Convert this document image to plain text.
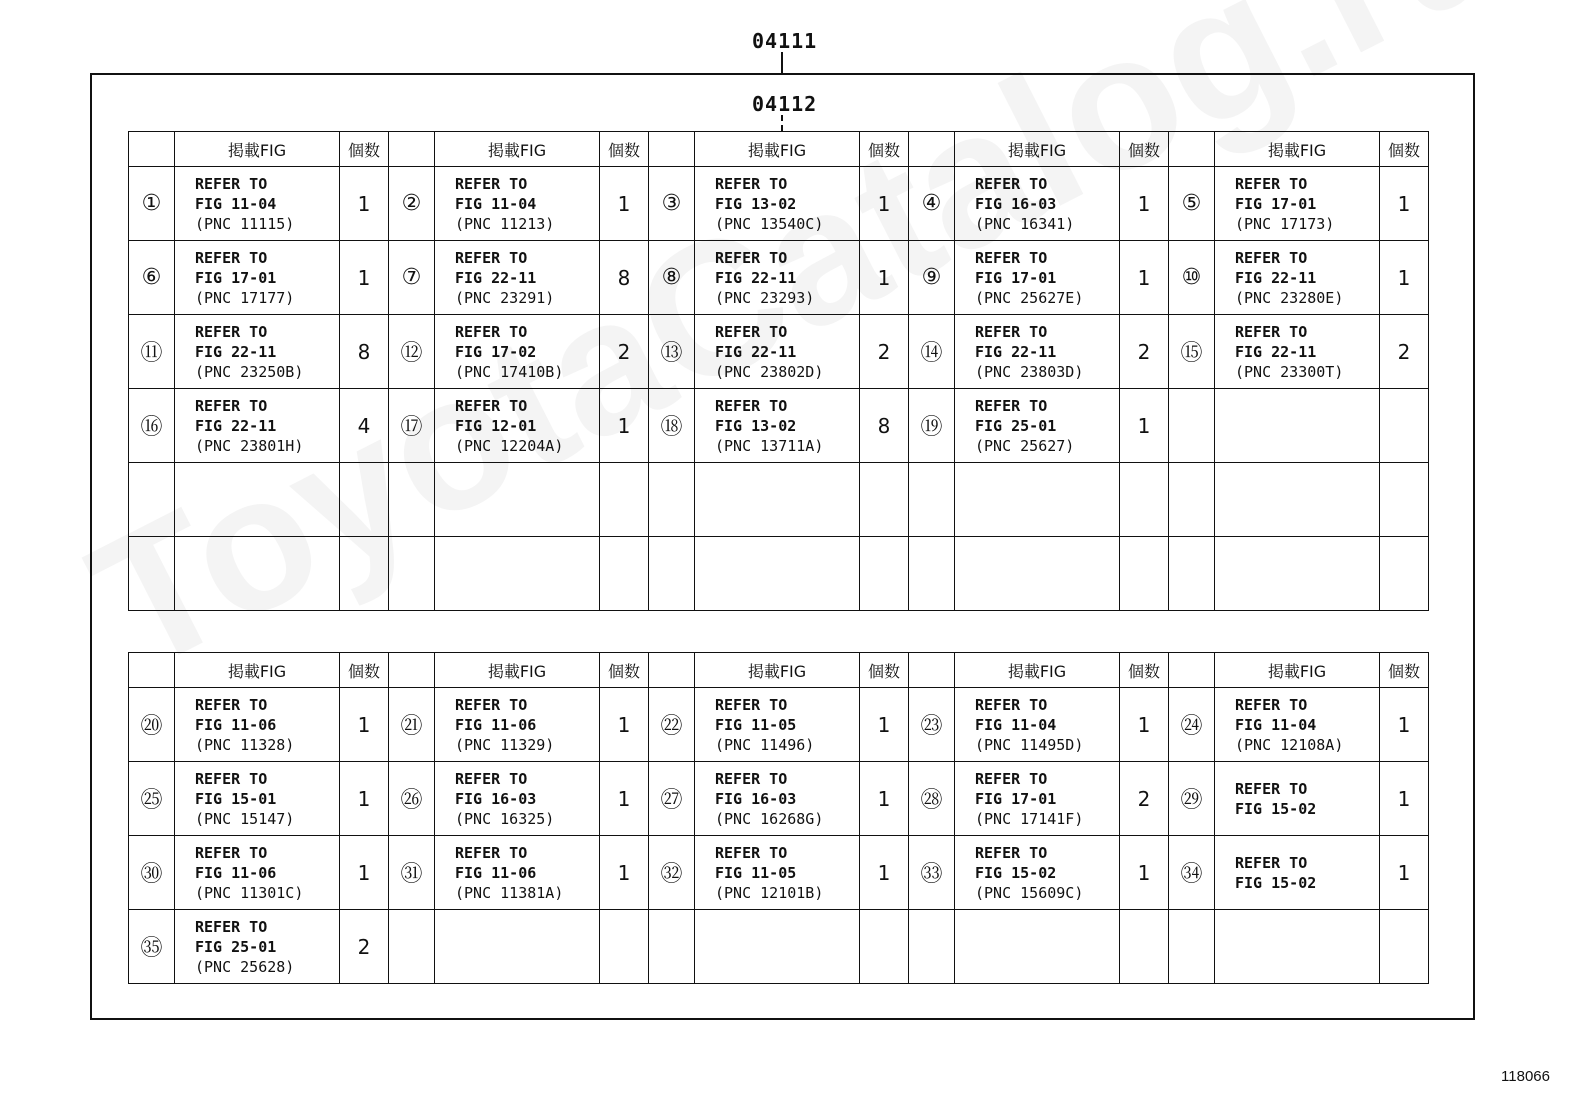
04111
04112
	掲載FIG	個数		掲載FIG	個数		掲載FIG	個数		掲載FIG	個数		掲載FIG	個数
①	REFER TO
FIG 11-04
(PNC 11115)	1	②	REFER TO
FIG 11-04
(PNC 11213)	1	③	REFER TO
FIG 13-02
(PNC 13540C)	1	④	REFER TO
FIG 16-03
(PNC 16341)	1	⑤	REFER TO
FIG 17-01
(PNC 17173)	1
⑥	REFER TO
FIG 17-01
(PNC 17177)	1	⑦	REFER TO
FIG 22-11
(PNC 23291)	8	⑧	REFER TO
FIG 22-11
(PNC 23293)	1	⑨	REFER TO
FIG 17-01
(PNC 25627E)	1	⑩	REFER TO
FIG 22-11
(PNC 23280E)	1
⑪	REFER TO
FIG 22-11
(PNC 23250B)	8	⑫	REFER TO
FIG 17-02
(PNC 17410B)	2	⑬	REFER TO
FIG 22-11
(PNC 23802D)	2	⑭	REFER TO
FIG 22-11
(PNC 23803D)	2	⑮	REFER TO
FIG 22-11
(PNC 23300T)	2
⑯	REFER TO
FIG 22-11
(PNC 23801H)	4	⑰	REFER TO
FIG 12-01
(PNC 12204A)	1	⑱	REFER TO
FIG 13-02
(PNC 13711A)	8	⑲	REFER TO
FIG 25-01
(PNC 25627)	1		

	掲載FIG	個数		掲載FIG	個数		掲載FIG	個数		掲載FIG	個数		掲載FIG	個数
⑳	REFER TO
FIG 11-06
(PNC 11328)	1	㉑	REFER TO
FIG 11-06
(PNC 11329)	1	㉒	REFER TO
FIG 11-05
(PNC 11496)	1	㉓	REFER TO
FIG 11-04
(PNC 11495D)	1	㉔	REFER TO
FIG 11-04
(PNC 12108A)	1
㉕	REFER TO
FIG 15-01
(PNC 15147)	1	㉖	REFER TO
FIG 16-03
(PNC 16325)	1	㉗	REFER TO
FIG 16-03
(PNC 16268G)	1	㉘	REFER TO
FIG 17-01
(PNC 17141F)	2	㉙	REFER TO
FIG 15-02	1
㉚	REFER TO
FIG 11-06
(PNC 11301C)	1	㉛	REFER TO
FIG 11-06
(PNC 11381A)	1	㉜	REFER TO
FIG 11-05
(PNC 12101B)	1	㉝	REFER TO
FIG 15-02
(PNC 15609C)	1	㉞	REFER TO
FIG 15-02	1
㉟	REFER TO
FIG 25-01
(PNC 25628)	2		

118066
